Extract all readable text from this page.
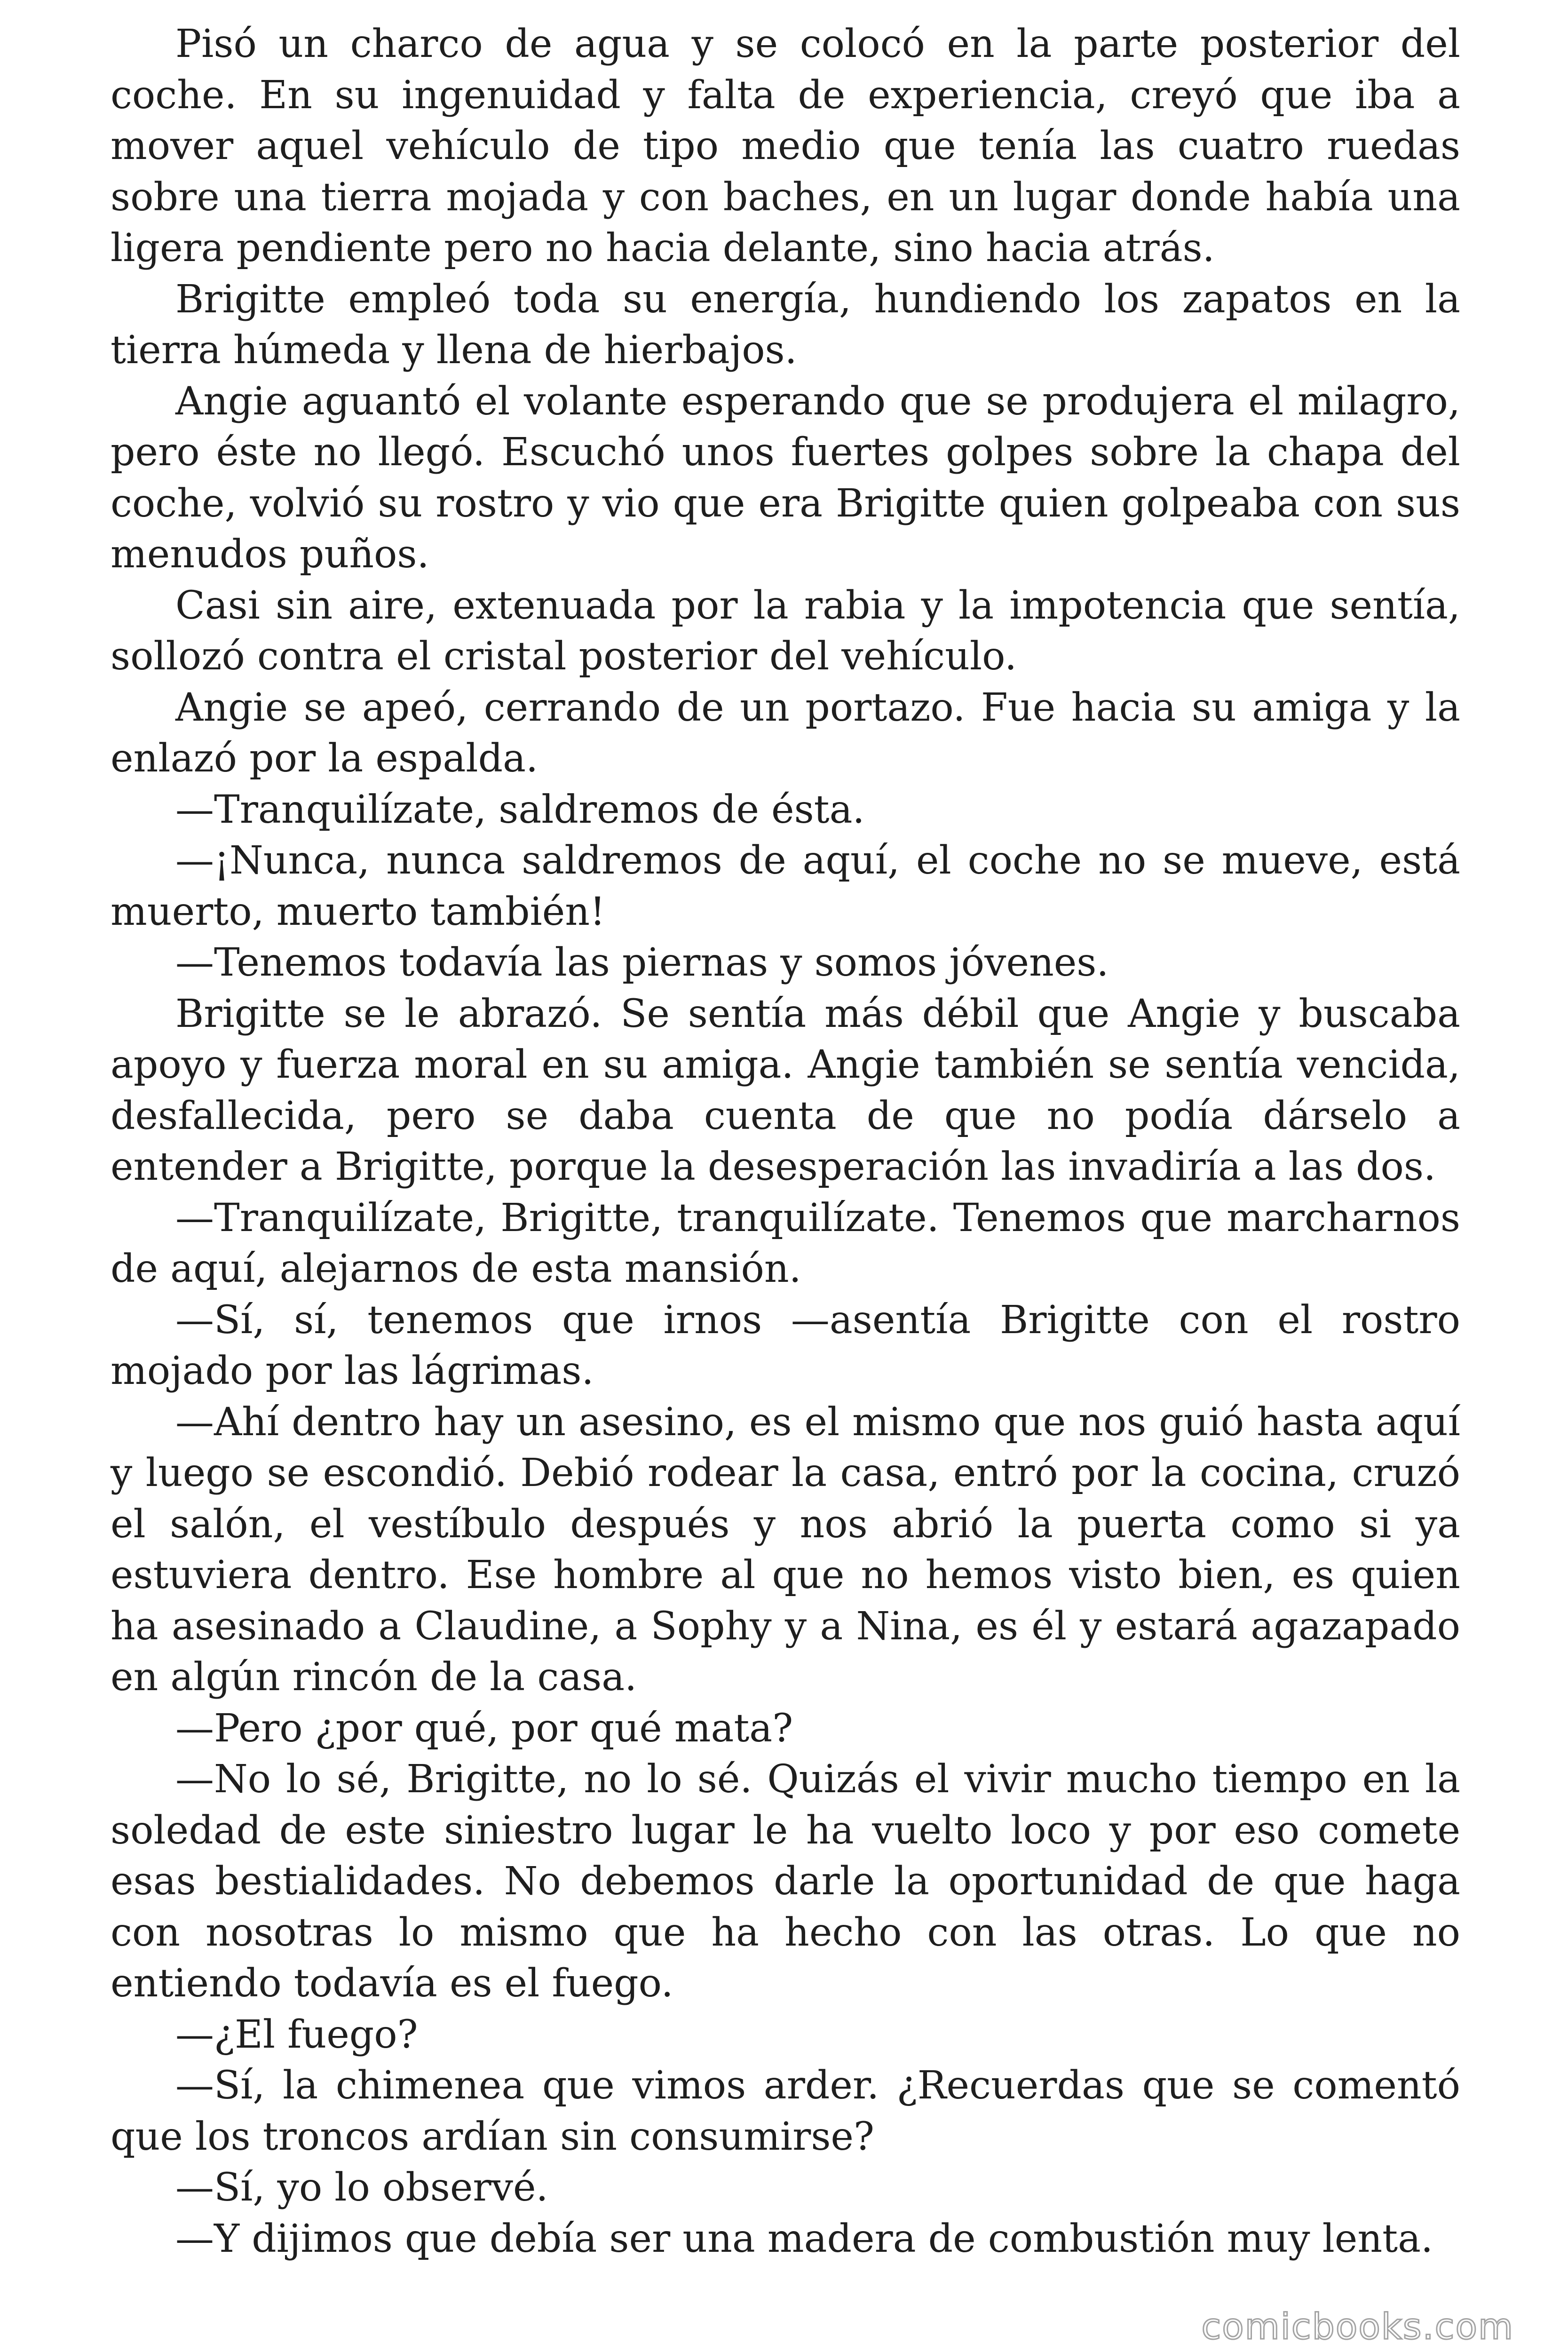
Pisó un charco de agua y se colocó en la parte posterior del coche. En su ingenuidad y falta de experiencia, creyó que iba a mover aquel vehículo de tipo medio que tenía las cuatro ruedas sobre una tierra mojada y con baches, en un lugar donde había una ligera pendiente pero no hacia delante, sino hacia atrás.

Brigitte empleó toda su energía, hundiendo los zapatos en la tierra húmeda y llena de hierbajos.

Angie aguantó el volante esperando que se produjera el milagro, pero éste no llegó. Escuchó unos fuertes golpes sobre la chapa del coche, volvió su rostro y vio que era Brigitte quien golpeaba con sus menudos puños.

Casi sin aire, extenuada por la rabia y la impotencia que sentía, sollozó contra el cristal posterior del vehículo.

Angie se apeó, cerrando de un portazo. Fue hacia su amiga y la enlazó por la espalda.

—Tranquilízate, saldremos de ésta.

—¡Nunca, nunca saldremos de aquí, el coche no se mueve, está muerto, muerto también!

—Tenemos todavía las piernas y somos jóvenes.

Brigitte se le abrazó. Se sentía más débil que Angie y buscaba apoyo y fuerza moral en su amiga. Angie también se sentía vencida, desfallecida, pero se daba cuenta de que no podía dárselo a entender a Brigitte, porque la desesperación las invadiría a las dos.

—Tranquilízate, Brigitte, tranquilízate. Tenemos que marcharnos de aquí, alejarnos de esta mansión.

—Sí, sí, tenemos que irnos —asentía Brigitte con el rostro mojado por las lágrimas.

—Ahí dentro hay un asesino, es el mismo que nos guió hasta aquí y luego se escondió. Debió rodear la casa, entró por la cocina, cruzó el salón, el vestíbulo después y nos abrió la puerta como si ya estuviera dentro. Ese hombre al que no hemos visto bien, es quien ha asesinado a Claudine, a Sophy y a Nina, es él y estará agazapado en algún rincón de la casa.

—Pero ¿por qué, por qué mata?

—No lo sé, Brigitte, no lo sé. Quizás el vivir mucho tiempo en la soledad de este siniestro lugar le ha vuelto loco y por eso comete esas bestialidades. No debemos darle la oportunidad de que haga con nosotras lo mismo que ha hecho con las otras. Lo que no entiendo todavía es el fuego.

—¿El fuego?

—Sí, la chimenea que vimos arder. ¿Recuerdas que se comentó que los troncos ardían sin consumirse?

—Sí, yo lo observé.

—Y dijimos que debía ser una madera de combustión muy lenta.

comicbooks.com
